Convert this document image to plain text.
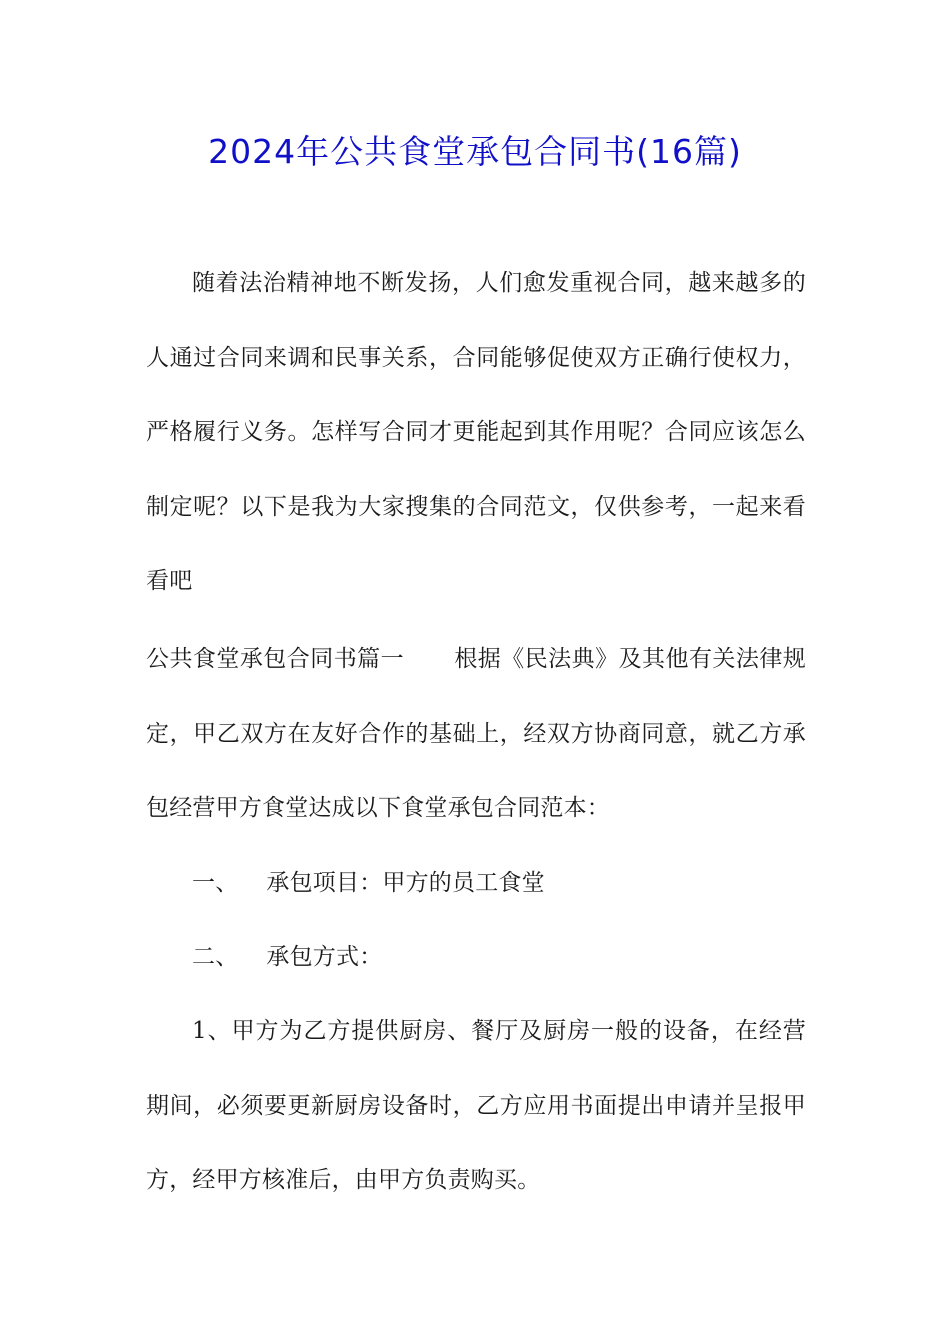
2024年公共食堂承包合同书(16篇)

随着法治精神地不断发扬，人们愈发重视合同，越来越多的人通过合同来调和民事关系，合同能够促使双方正确行使权力，严格履行义务。怎样写合同才更能起到其作用呢？合同应该怎么制定呢？以下是我为大家搜集的合同范文，仅供参考，一起来看看吧

公共食堂承包合同书篇一 根据《民法典》及其他有关法律规定，甲乙双方在友好合作的基础上，经双方协商同意，就乙方承包经营甲方食堂达成以下食堂承包合同范本：

一、 承包项目：甲方的员工食堂

二、 承包方式：

1、甲方为乙方提供厨房、餐厅及厨房一般的设备，在经营期间，必须要更新厨房设备时，乙方应用书面提出申请并呈报甲方，经甲方核准后，由甲方负责购买。
